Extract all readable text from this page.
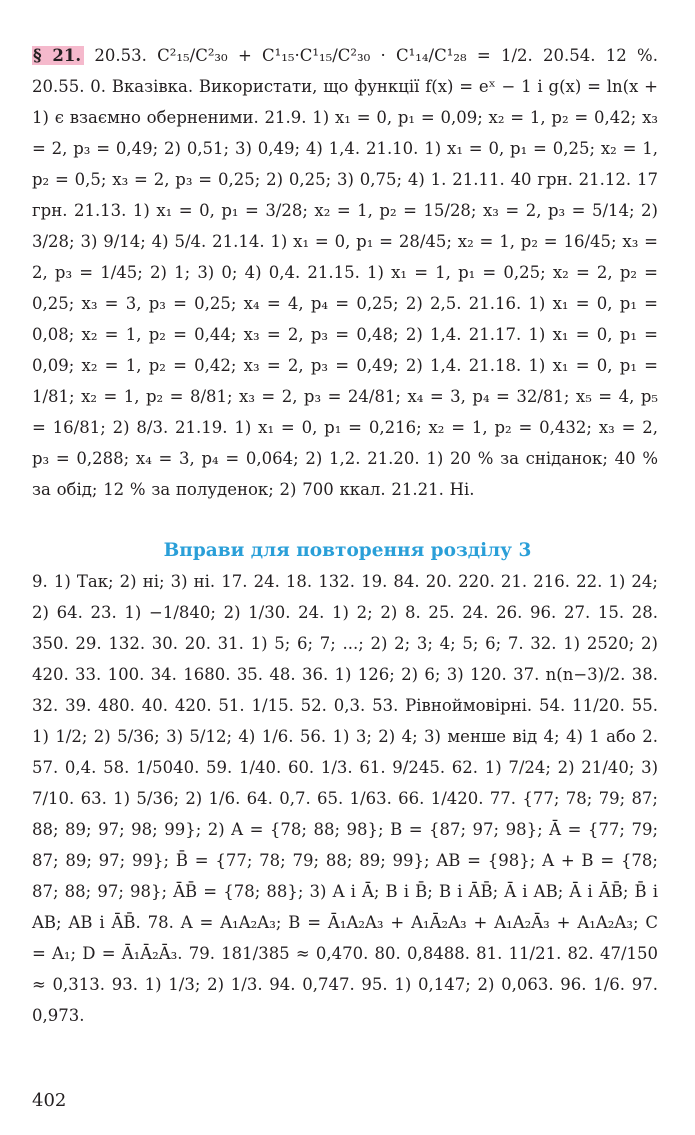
§ 21. 20.53. C²₁₅/C²₃₀ + C¹₁₅·C¹₁₅/C²₃₀ · C¹₁₄/C¹₂₈ = 1/2. 20.54. 12 %. 20.55. 0. Вказівка. Використати, що функції f(x) = eˣ − 1 і g(x) = ln(x + 1) є взаємно оберненими. 21.9. 1) x₁ = 0, p₁ = 0,09; x₂ = 1, p₂ = 0,42; x₃ = 2, p₃ = 0,49; 2) 0,51; 3) 0,49; 4) 1,4. 21.10. 1) x₁ = 0, p₁ = 0,25; x₂ = 1, p₂ = 0,5; x₃ = 2, p₃ = 0,25; 2) 0,25; 3) 0,75; 4) 1. 21.11. 40 грн. 21.12. 17 грн. 21.13. 1) x₁ = 0, p₁ = 3/28; x₂ = 1, p₂ = 15/28; x₃ = 2, p₃ = 5/14; 2) 3/28; 3) 9/14; 4) 5/4. 21.14. 1) x₁ = 0, p₁ = 28/45; x₂ = 1, p₂ = 16/45; x₃ = 2, p₃ = 1/45; 2) 1; 3) 0; 4) 0,4. 21.15. 1) x₁ = 1, p₁ = 0,25; x₂ = 2, p₂ = 0,25; x₃ = 3, p₃ = 0,25; x₄ = 4, p₄ = 0,25; 2) 2,5. 21.16. 1) x₁ = 0, p₁ = 0,08; x₂ = 1, p₂ = 0,44; x₃ = 2, p₃ = 0,48; 2) 1,4. 21.17. 1) x₁ = 0, p₁ = 0,09; x₂ = 1, p₂ = 0,42; x₃ = 2, p₃ = 0,49; 2) 1,4. 21.18. 1) x₁ = 0, p₁ = 1/81; x₂ = 1, p₂ = 8/81; x₃ = 2, p₃ = 24/81; x₄ = 3, p₄ = 32/81; x₅ = 4, p₅ = 16/81; 2) 8/3. 21.19. 1) x₁ = 0, p₁ = 0,216; x₂ = 1, p₂ = 0,432; x₃ = 2, p₃ = 0,288; x₄ = 3, p₄ = 0,064; 2) 1,2. 21.20. 1) 20 % за сніданок; 40 % за обід; 12 % за полуденок; 2) 700 ккал. 21.21. Ні.
Вправи для повторення розділу 3
9. 1) Так; 2) ні; 3) ні. 17. 24. 18. 132. 19. 84. 20. 220. 21. 216. 22. 1) 24; 2) 64. 23. 1) −1/840; 2) 1/30. 24. 1) 2; 2) 8. 25. 24. 26. 96. 27. 15. 28. 350. 29. 132. 30. 20. 31. 1) 5; 6; 7; ...; 2) 2; 3; 4; 5; 6; 7. 32. 1) 2520; 2) 420. 33. 100. 34. 1680. 35. 48. 36. 1) 126; 2) 6; 3) 120. 37. n(n−3)/2. 38. 32. 39. 480. 40. 420. 51. 1/15. 52. 0,3. 53. Рівноймовірні. 54. 11/20. 55. 1) 1/2; 2) 5/36; 3) 5/12; 4) 1/6. 56. 1) 3; 2) 4; 3) менше від 4; 4) 1 або 2. 57. 0,4. 58. 1/5040. 59. 1/40. 60. 1/3. 61. 9/245. 62. 1) 7/24; 2) 21/40; 3) 7/10. 63. 1) 5/36; 2) 1/6. 64. 0,7. 65. 1/63. 66. 1/420. 77. {77; 78; 79; 87; 88; 89; 97; 98; 99}; 2) A = {78; 88; 98}; B = {87; 97; 98}; Ā = {77; 79; 87; 89; 97; 99}; B̄ = {77; 78; 79; 88; 89; 99}; AB = {98}; A + B = {78; 87; 88; 97; 98}; ĀB̄ = {78; 88}; 3) A і Ā; B і B̄; B і ĀB̄; Ā і AB; Ā і ĀB̄; B̄ і AB; AB і ĀB̄. 78. A = A₁A₂A₃; B = Ā₁A₂A₃ + A₁Ā₂A₃ + A₁A₂Ā₃ + A₁A₂A₃; C = A₁; D = Ā₁Ā₂Ā₃. 79. 181/385 ≈ 0,470. 80. 0,8488. 81. 11/21. 82. 47/150 ≈ 0,313. 93. 1) 1/3; 2) 1/3. 94. 0,747. 95. 1) 0,147; 2) 0,063. 96. 1/6. 97. 0,973.
402
